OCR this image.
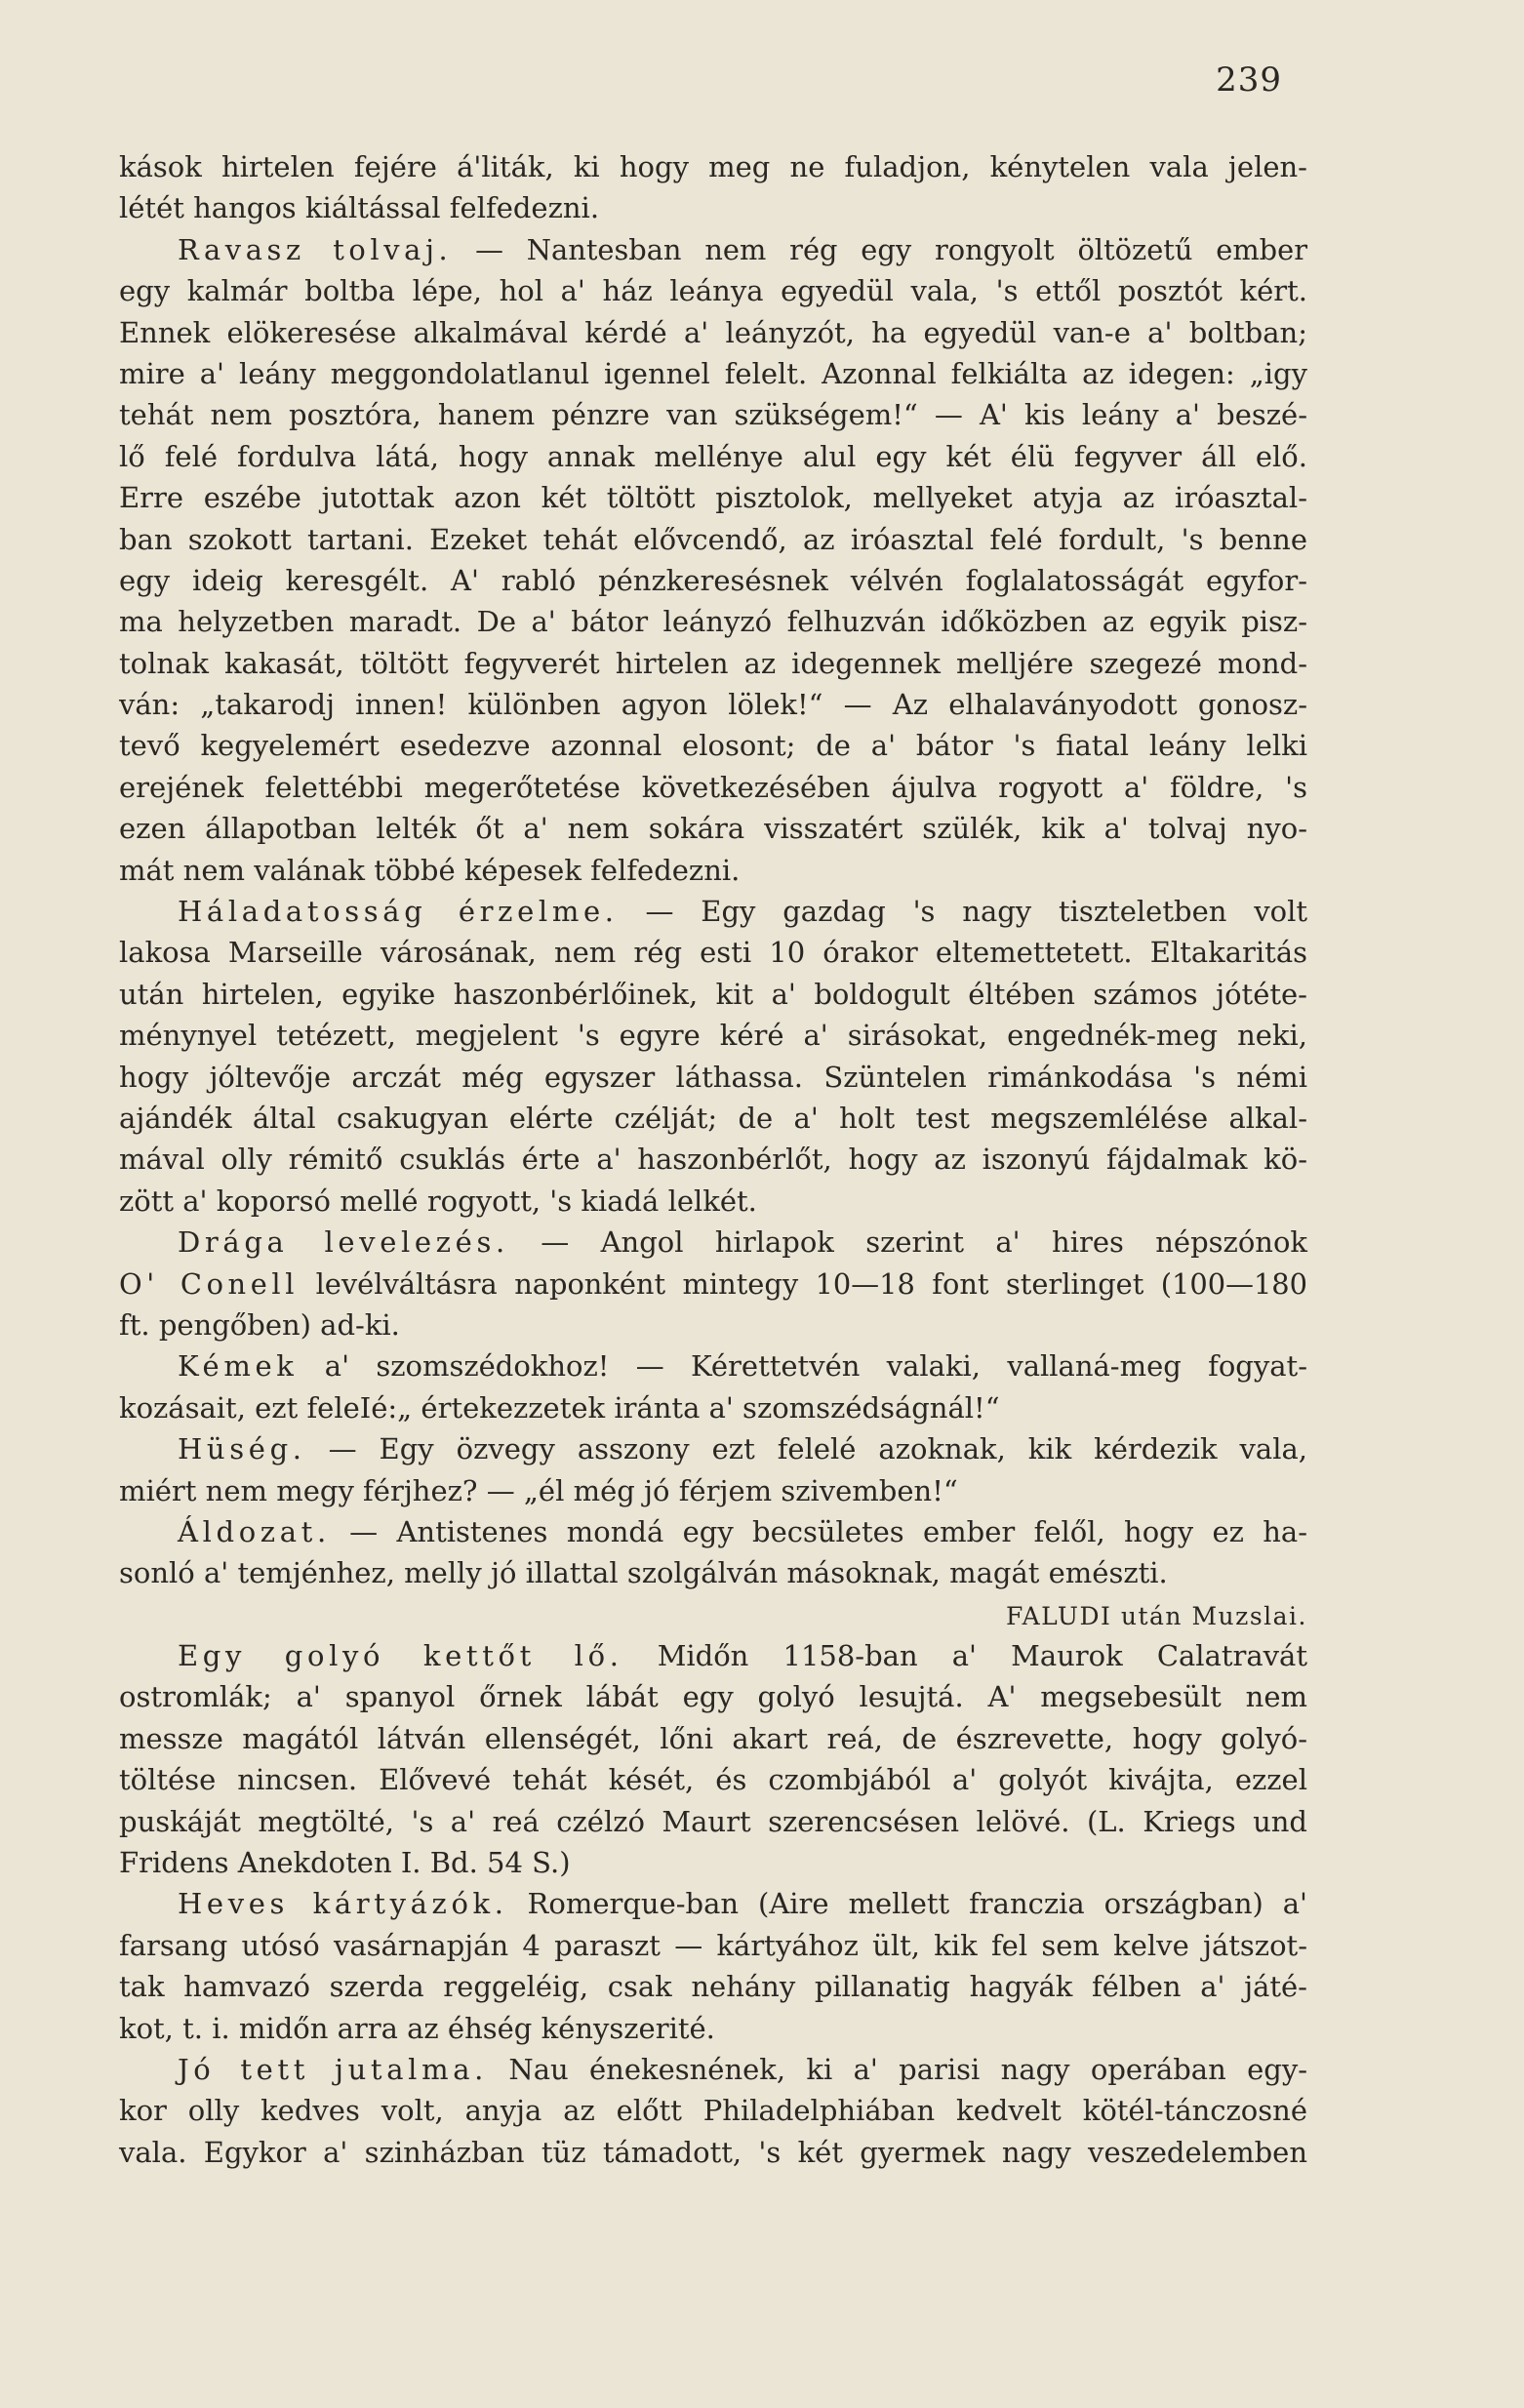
239
kások hirtelen fejére á'liták, ki hogy meg ne fuladjon, kénytelen vala jelen-
létét hangos kiáltással felfedezni.
Ravasz tolvaj. — Nantesban nem rég egy rongyolt öltözetű ember
egy kalmár boltba lépe, hol a' ház leánya egyedül vala, 's ettől posztót kért.
Ennek elökeresése alkalmával kérdé a' leányzót, ha egyedül van-e a' boltban;
mire a' leány meggondolatlanul igennel felelt. Azonnal felkiálta az idegen: „igy
tehát nem posztóra, hanem pénzre van szükségem!“ — A' kis leány a' beszé-
lő felé fordulva látá, hogy annak mellénye alul egy két élü fegyver áll elő.
Erre eszébe jutottak azon két töltött pisztolok, mellyeket atyja az iróasztal-
ban szokott tartani. Ezeket tehát elővcendő, az iróasztal felé fordult, 's benne
egy ideig keresgélt. A' rabló pénzkeresésnek vélvén foglalatosságát egyfor-
ma helyzetben maradt. De a' bátor leányzó felhuzván időközben az egyik pisz-
tolnak kakasát, töltött fegyverét hirtelen az idegennek melljére szegezé mond-
ván: „takarodj innen! különben agyon lölek!“ — Az elhalaványodott gonosz-
tevő kegyelemért esedezve azonnal elosont; de a' bátor 's fiatal leány lelki
erejének felettébbi megerőtetése következésében ájulva rogyott a' földre, 's
ezen állapotban lelték őt a' nem sokára visszatért szülék, kik a' tolvaj nyo-
mát nem valának többé képesek felfedezni.
Háladatosság érzelme. — Egy gazdag 's nagy tiszteletben volt
lakosa Marseille városának, nem rég esti 10 órakor eltemettetett. Eltakaritás
után hirtelen, egyike haszonbérlőinek, kit a' boldogult éltében számos jótéte-
ménynyel tetézett, megjelent 's egyre kéré a' sirásokat, engednék-meg neki,
hogy jóltevője arczát még egyszer láthassa. Szüntelen rimánkodása 's némi
ajándék által csakugyan elérte czélját; de a' holt test megszemlélése alkal-
mával olly rémitő csuklás érte a' haszonbérlőt, hogy az iszonyú fájdalmak kö-
zött a' koporsó mellé rogyott, 's kiadá lelkét.
Drága levelezés. — Angol hirlapok szerint a' hires népszónok
O' Conell levélváltásra naponként mintegy 10—18 font sterlinget (100—180
ft. pengőben) ad-ki.
Kémek a' szomszédokhoz! — Kérettetvén valaki, vallaná-meg fogyat-
kozásait, ezt feleIé:„ értekezzetek iránta a' szomszédságnál!“
Hüség. — Egy özvegy asszony ezt felelé azoknak, kik kérdezik vala,
miért nem megy férjhez? — „él még jó férjem szivemben!“
Áldozat. — Antistenes mondá egy becsületes ember felől, hogy ez ha-
sonló a' temjénhez, melly jó illattal szolgálván másoknak, magát emészti.
FALUDI után Muzslai.
Egy golyó kettőt lő. Midőn 1158-ban a' Maurok Calatravát
ostromlák; a' spanyol őrnek lábát egy golyó lesujtá. A' megsebesült nem
messze magától látván ellenségét, lőni akart reá, de észrevette, hogy golyó-
töltése nincsen. Elővevé tehát kését, és czombjából a' golyót kivájta, ezzel
puskáját megtölté, 's a' reá czélzó Maurt szerencsésen lelövé. (L. Kriegs und
Fridens Anekdoten I. Bd. 54 S.)
Heves kártyázók. Romerque-ban (Aire mellett franczia országban) a'
farsang utósó vasárnapján 4 paraszt — kártyához ült, kik fel sem kelve játszot-
tak hamvazó szerda reggeléig, csak nehány pillanatig hagyák félben a' játé-
kot, t. i. midőn arra az éhség kényszerité.
Jó tett jutalma. Nau énekesnének, ki a' parisi nagy operában egy-
kor olly kedves volt, anyja az előtt Philadelphiában kedvelt kötél-tánczosné
vala. Egykor a' szinházban tüz támadott, 's két gyermek nagy veszedelemben
